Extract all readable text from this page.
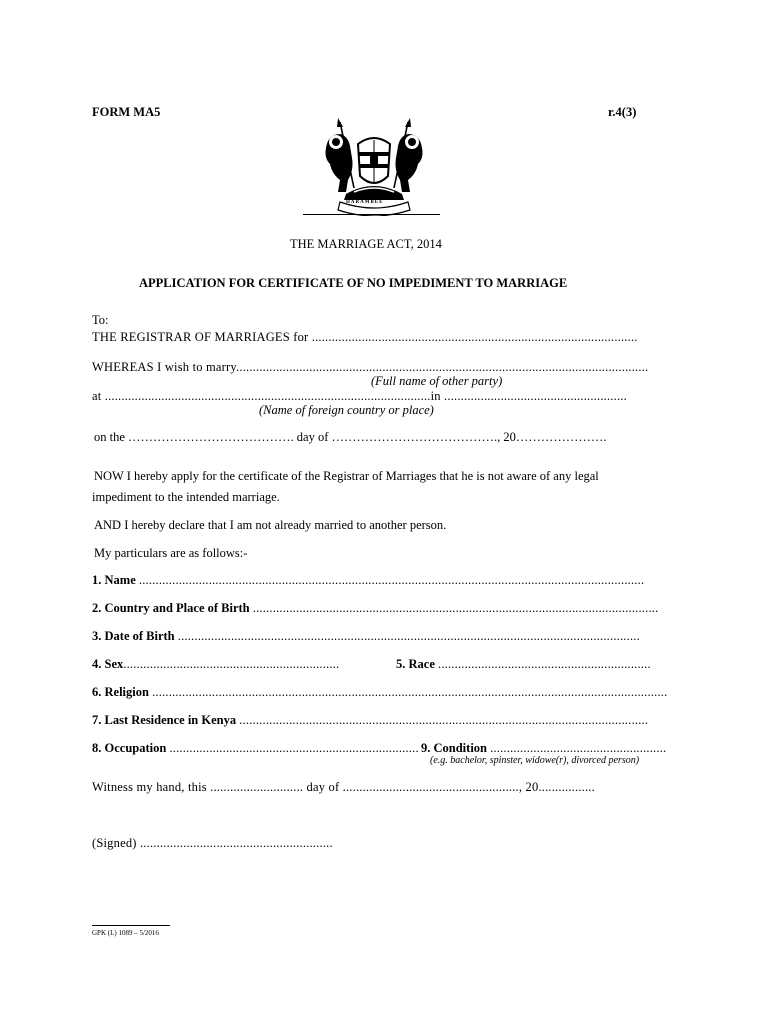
FORM MA5	r.4(3)
HARAMBEE
THE MARRIAGE ACT, 2014
APPLICATION FOR CERTIFICATE OF NO IMPEDIMENT TO MARRIAGE
To:
THE REGISTRAR OF MARRIAGES for ..................................................................................................
WHEREAS I wish to marry............................................................................................................................
(Full name of other party)
at ..................................................................................................in .......................................................
(Name of foreign country or place)
on the …………………………………. day of …………………………………., 20………………….
NOW I hereby apply for the certificate of the Registrar of Marriages that he is not aware of any legal
impediment to the intended marriage.
AND I hereby declare that I am not already married to another person.
My particulars are as follows:-
1. Name ........................................................................................................................................................
2. Country and Place of Birth ..........................................................................................................................
3. Date of Birth ...........................................................................................................................................
4. Sex.................................................................	5. Race ................................................................
6. Religion ...........................................................................................................................................................
7. Last Residence in Kenya ...........................................................................................................................
8. Occupation ........................................................................... 9. Condition .....................................................
(e.g. bachelor, spinster, widowe(r), divorced person)
Witness my hand, this ............................ day of ....................................................., 20.................
(Signed) ..........................................................
GPK (L) 1089 – 5/2016
